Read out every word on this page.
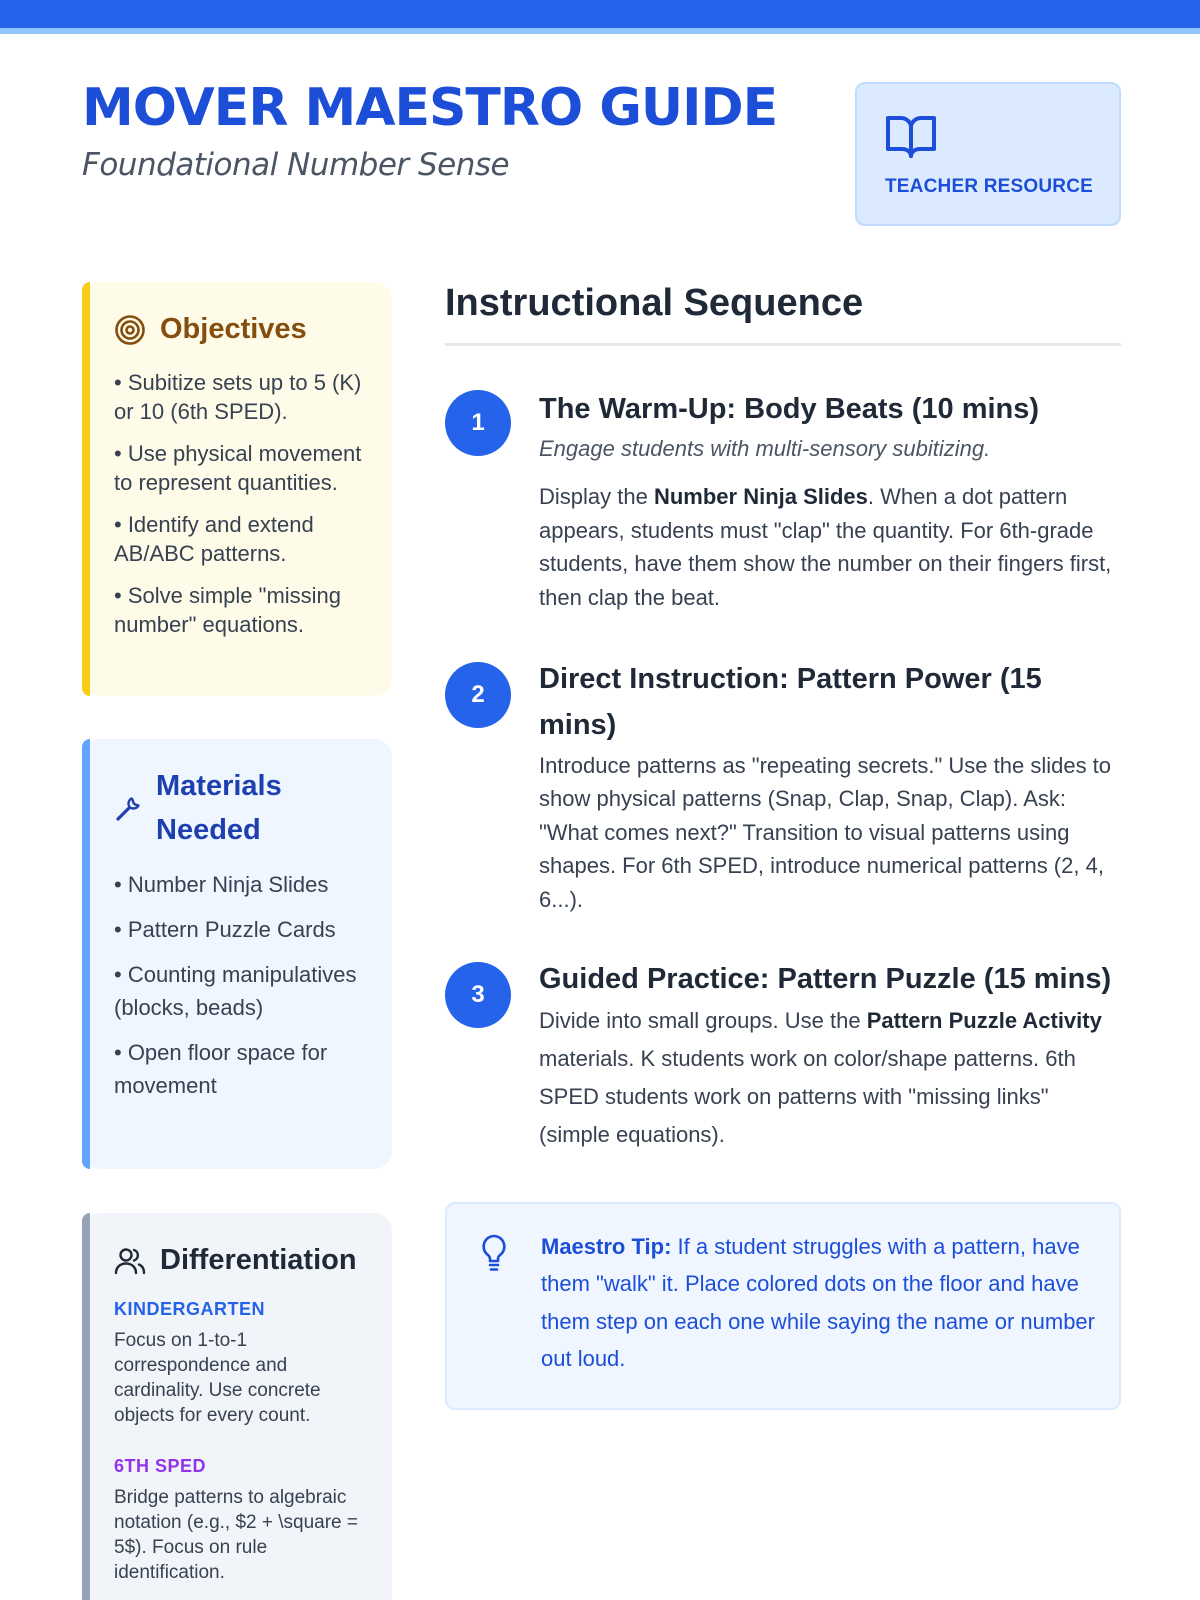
MOVER MAESTRO GUIDE
Foundational Number Sense
TEACHER RESOURCE
Objectives
• Subitize sets up to 5 (K) or 10 (6th SPED).
• Use physical movement to represent quantities.
• Identify and extend AB/ABC patterns.
• Solve simple "missing number" equations.
Materials Needed
• Number Ninja Slides
• Pattern Puzzle Cards
• Counting manipulatives (blocks, beads)
• Open floor space for movement
Differentiation
KINDERGARTEN
Focus on 1-to-1 correspondence and cardinality. Use concrete objects for every count.
6TH SPED
Bridge patterns to algebraic notation (e.g., $2 + \square = 5$). Focus on rule identification.
Instructional Sequence
1	The Warm-Up: Body Beats (10 mins)
Engage students with multi-sensory subitizing.

Display the Number Ninja Slides. When a dot pattern appears, students must "clap" the quantity. For 6th-grade students, have them show the number on their fingers first, then clap the beat.

2	Direct Instruction: Pattern Power (15 mins)

Introduce patterns as "repeating secrets." Use the slides to show physical patterns (Snap, Clap, Snap, Clap). Ask: "What comes next?" Transition to visual patterns using shapes. For 6th SPED, introduce numerical patterns (2, 4, 6...).

3	Guided Practice: Pattern Puzzle (15 mins)

Divide into small groups. Use the Pattern Puzzle Activity materials. K students work on color/shape patterns. 6th SPED students work on patterns with "missing links" (simple equations).

Maestro Tip: If a student struggles with a pattern, have them "walk" it. Place colored dots on the floor and have them step on each one while saying the name or number out loud.
